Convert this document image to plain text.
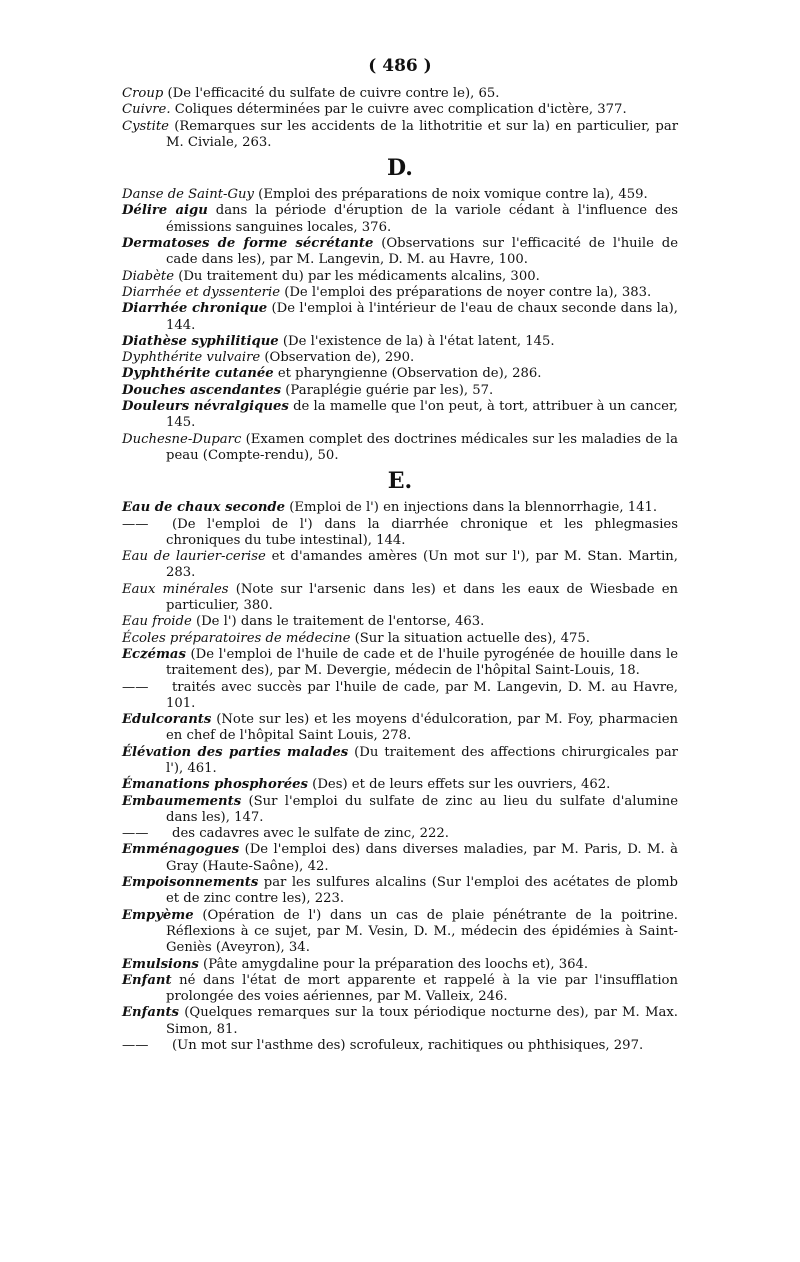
( 486 )

Croup (De l'efficacité du sulfate de cuivre contre le), 65.

Cuivre. Coliques déterminées par le cuivre avec complication d'ictère, 377.

Cystite (Remarques sur les accidents de la lithotritie et sur la) en particulier, par M. Civiale, 263.

D.

Danse de Saint-Guy (Emploi des préparations de noix vomique contre la), 459.

Délire aigu dans la période d'éruption de la variole cédant à l'influence des émissions sanguines locales, 376.

Dermatoses de forme sécrétante (Observations sur l'efficacité de l'huile de cade dans les), par M. Langevin, D. M. au Havre, 100.

Diabète (Du traitement du) par les médicaments alcalins, 300.

Diarrhée et dyssenterie (De l'emploi des préparations de noyer contre la), 383.

Diarrhée chronique (De l'emploi à l'intérieur de l'eau de chaux seconde dans la), 144.

Diathèse syphilitique (De l'existence de la) à l'état latent, 145.

Dyphthérite vulvaire (Observation de), 290.

Dyphthérite cutanée et pharyngienne (Observation de), 286.

Douches ascendantes (Paraplégie guérie par les), 57.

Douleurs névralgiques de la mamelle que l'on peut, à tort, attribuer à un cancer, 145.

Duchesne-Duparc (Examen complet des doctrines médicales sur les maladies de la peau (Compte-rendu), 50.

E.

Eau de chaux seconde (Emploi de l') en injections dans la blennorrhagie, 141.

—— (De l'emploi de l') dans la diarrhée chronique et les phlegmasies chroniques du tube intestinal), 144.

Eau de laurier-cerise et d'amandes amères (Un mot sur l'), par M. Stan. Martin, 283.

Eaux minérales (Note sur l'arsenic dans les) et dans les eaux de Wiesbade en particulier, 380.

Eau froide (De l') dans le traitement de l'entorse, 463.

Écoles préparatoires de médecine (Sur la situation actuelle des), 475.

Eczémas (De l'emploi de l'huile de cade et de l'huile pyrogénée de houille dans le traitement des), par M. Devergie, médecin de l'hôpital Saint-Louis, 18.

—— traités avec succès par l'huile de cade, par M. Langevin, D. M. au Havre, 101.

Edulcorants (Note sur les) et les moyens d'édulcoration, par M. Foy, pharmacien en chef de l'hôpital Saint Louis, 278.

Élévation des parties malades (Du traitement des affections chirurgicales par l'), 461.

Émanations phosphorées (Des) et de leurs effets sur les ouvriers, 462.

Embaumements (Sur l'emploi du sulfate de zinc au lieu du sulfate d'alumine dans les), 147.

—— des cadavres avec le sulfate de zinc, 222.

Emménagogues (De l'emploi des) dans diverses maladies, par M. Paris, D. M. à Gray (Haute-Saône), 42.

Empoisonnements par les sulfures alcalins (Sur l'emploi des acétates de plomb et de zinc contre les), 223.

Empyème (Opération de l') dans un cas de plaie pénétrante de la poitrine. Réflexions à ce sujet, par M. Vesin, D. M., médecin des épidémies à Saint-Geniès (Aveyron), 34.

Emulsions (Pâte amygdaline pour la préparation des loochs et), 364.

Enfant né dans l'état de mort apparente et rappelé à la vie par l'insufflation prolongée des voies aériennes, par M. Valleix, 246.

Enfants (Quelques remarques sur la toux périodique nocturne des), par M. Max. Simon, 81.

—— (Un mot sur l'asthme des) scrofuleux, rachitiques ou phthisiques, 297.
